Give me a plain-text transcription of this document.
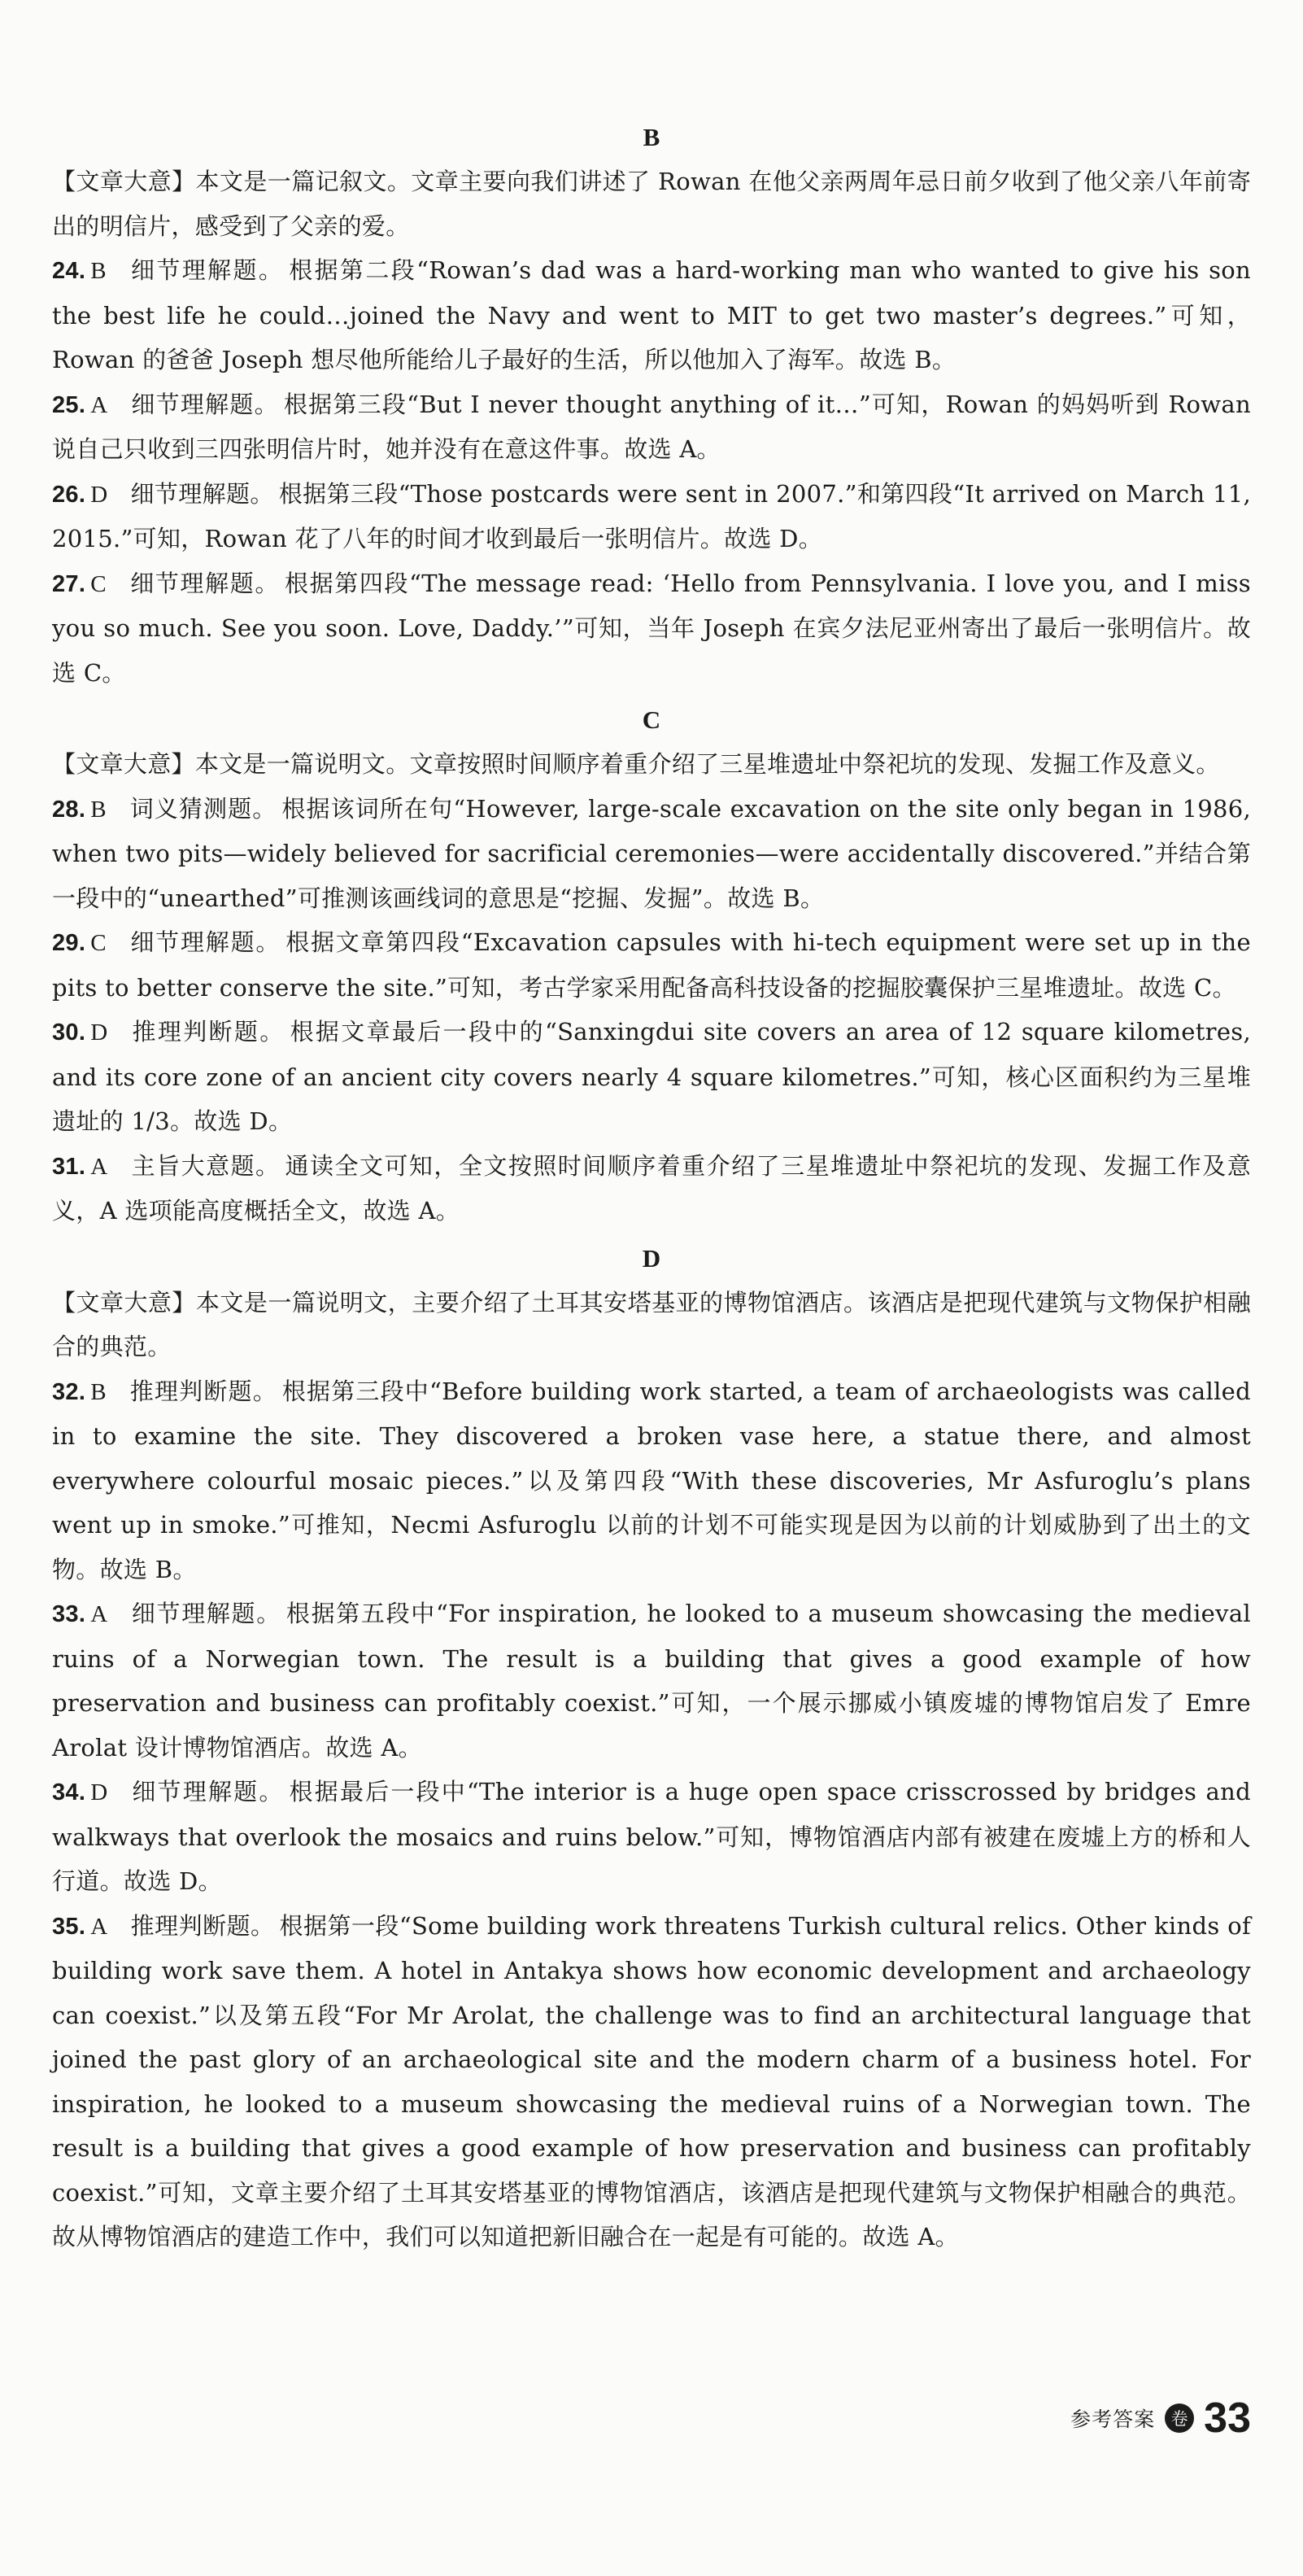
B

【文章大意】本文是一篇记叙文。文章主要向我们讲述了 Rowan 在他父亲两周年忌日前夕收到了他父亲八年前寄出的明信片，感受到了父亲的爱。

24. B 细节理解题。 根据第二段“Rowan’s dad was a hard-working man who wanted to give his son the best life he could…joined the Navy and went to MIT to get two master’s degrees.”可知，Rowan 的爸爸 Joseph 想尽他所能给儿子最好的生活，所以他加入了海军。故选 B。

25. A 细节理解题。 根据第三段“But I never thought anything of it…”可知，Rowan 的妈妈听到 Rowan 说自己只收到三四张明信片时，她并没有在意这件事。故选 A。

26. D 细节理解题。 根据第三段“Those postcards were sent in 2007.”和第四段“It arrived on March 11, 2015.”可知，Rowan 花了八年的时间才收到最后一张明信片。故选 D。

27. C 细节理解题。 根据第四段“The message read: ‘Hello from Pennsylvania. I love you, and I miss you so much. See you soon. Love, Daddy.’”可知，当年 Joseph 在宾夕法尼亚州寄出了最后一张明信片。故选 C。

C

【文章大意】本文是一篇说明文。文章按照时间顺序着重介绍了三星堆遗址中祭祀坑的发现、发掘工作及意义。

28. B 词义猜测题。 根据该词所在句“However, large-scale excavation on the site only began in 1986, when two pits—widely believed for sacrificial ceremonies—were accidentally discovered.”并结合第一段中的“unearthed”可推测该画线词的意思是“挖掘、发掘”。故选 B。

29. C 细节理解题。 根据文章第四段“Excavation capsules with hi-tech equipment were set up in the pits to better conserve the site.”可知，考古学家采用配备高科技设备的挖掘胶囊保护三星堆遗址。故选 C。

30. D 推理判断题。 根据文章最后一段中的“Sanxingdui site covers an area of 12 square kilometres, and its core zone of an ancient city covers nearly 4 square kilometres.”可知，核心区面积约为三星堆遗址的 1/3。故选 D。

31. A 主旨大意题。 通读全文可知，全文按照时间顺序着重介绍了三星堆遗址中祭祀坑的发现、发掘工作及意义，A 选项能高度概括全文，故选 A。

D

【文章大意】本文是一篇说明文，主要介绍了土耳其安塔基亚的博物馆酒店。该酒店是把现代建筑与文物保护相融合的典范。

32. B 推理判断题。 根据第三段中“Before building work started, a team of archaeologists was called in to examine the site. They discovered a broken vase here, a statue there, and almost everywhere colourful mosaic pieces.”以及第四段“With these discoveries, Mr Asfuroglu’s plans went up in smoke.”可推知，Necmi Asfuroglu 以前的计划不可能实现是因为以前的计划威胁到了出土的文物。故选 B。

33. A 细节理解题。 根据第五段中“For inspiration, he looked to a museum showcasing the medieval ruins of a Norwegian town. The result is a building that gives a good example of how preservation and business can profitably coexist.”可知，一个展示挪威小镇废墟的博物馆启发了 Emre Arolat 设计博物馆酒店。故选 A。

34. D 细节理解题。 根据最后一段中“The interior is a huge open space crisscrossed by bridges and walkways that overlook the mosaics and ruins below.”可知，博物馆酒店内部有被建在废墟上方的桥和人行道。故选 D。

35. A 推理判断题。 根据第一段“Some building work threatens Turkish cultural relics. Other kinds of building work save them. A hotel in Antakya shows how economic development and archaeology can coexist.”以及第五段“For Mr Arolat, the challenge was to find an architectural language that joined the past glory of an archaeological site and the modern charm of a business hotel. For inspiration, he looked to a museum showcasing the medieval ruins of a Norwegian town. The result is a building that gives a good example of how preservation and business can profitably coexist.”可知，文章主要介绍了土耳其安塔基亚的博物馆酒店，该酒店是把现代建筑与文物保护相融合的典范。故从博物馆酒店的建造工作中，我们可以知道把新旧融合在一起是有可能的。故选 A。

参考答案 卷 33
